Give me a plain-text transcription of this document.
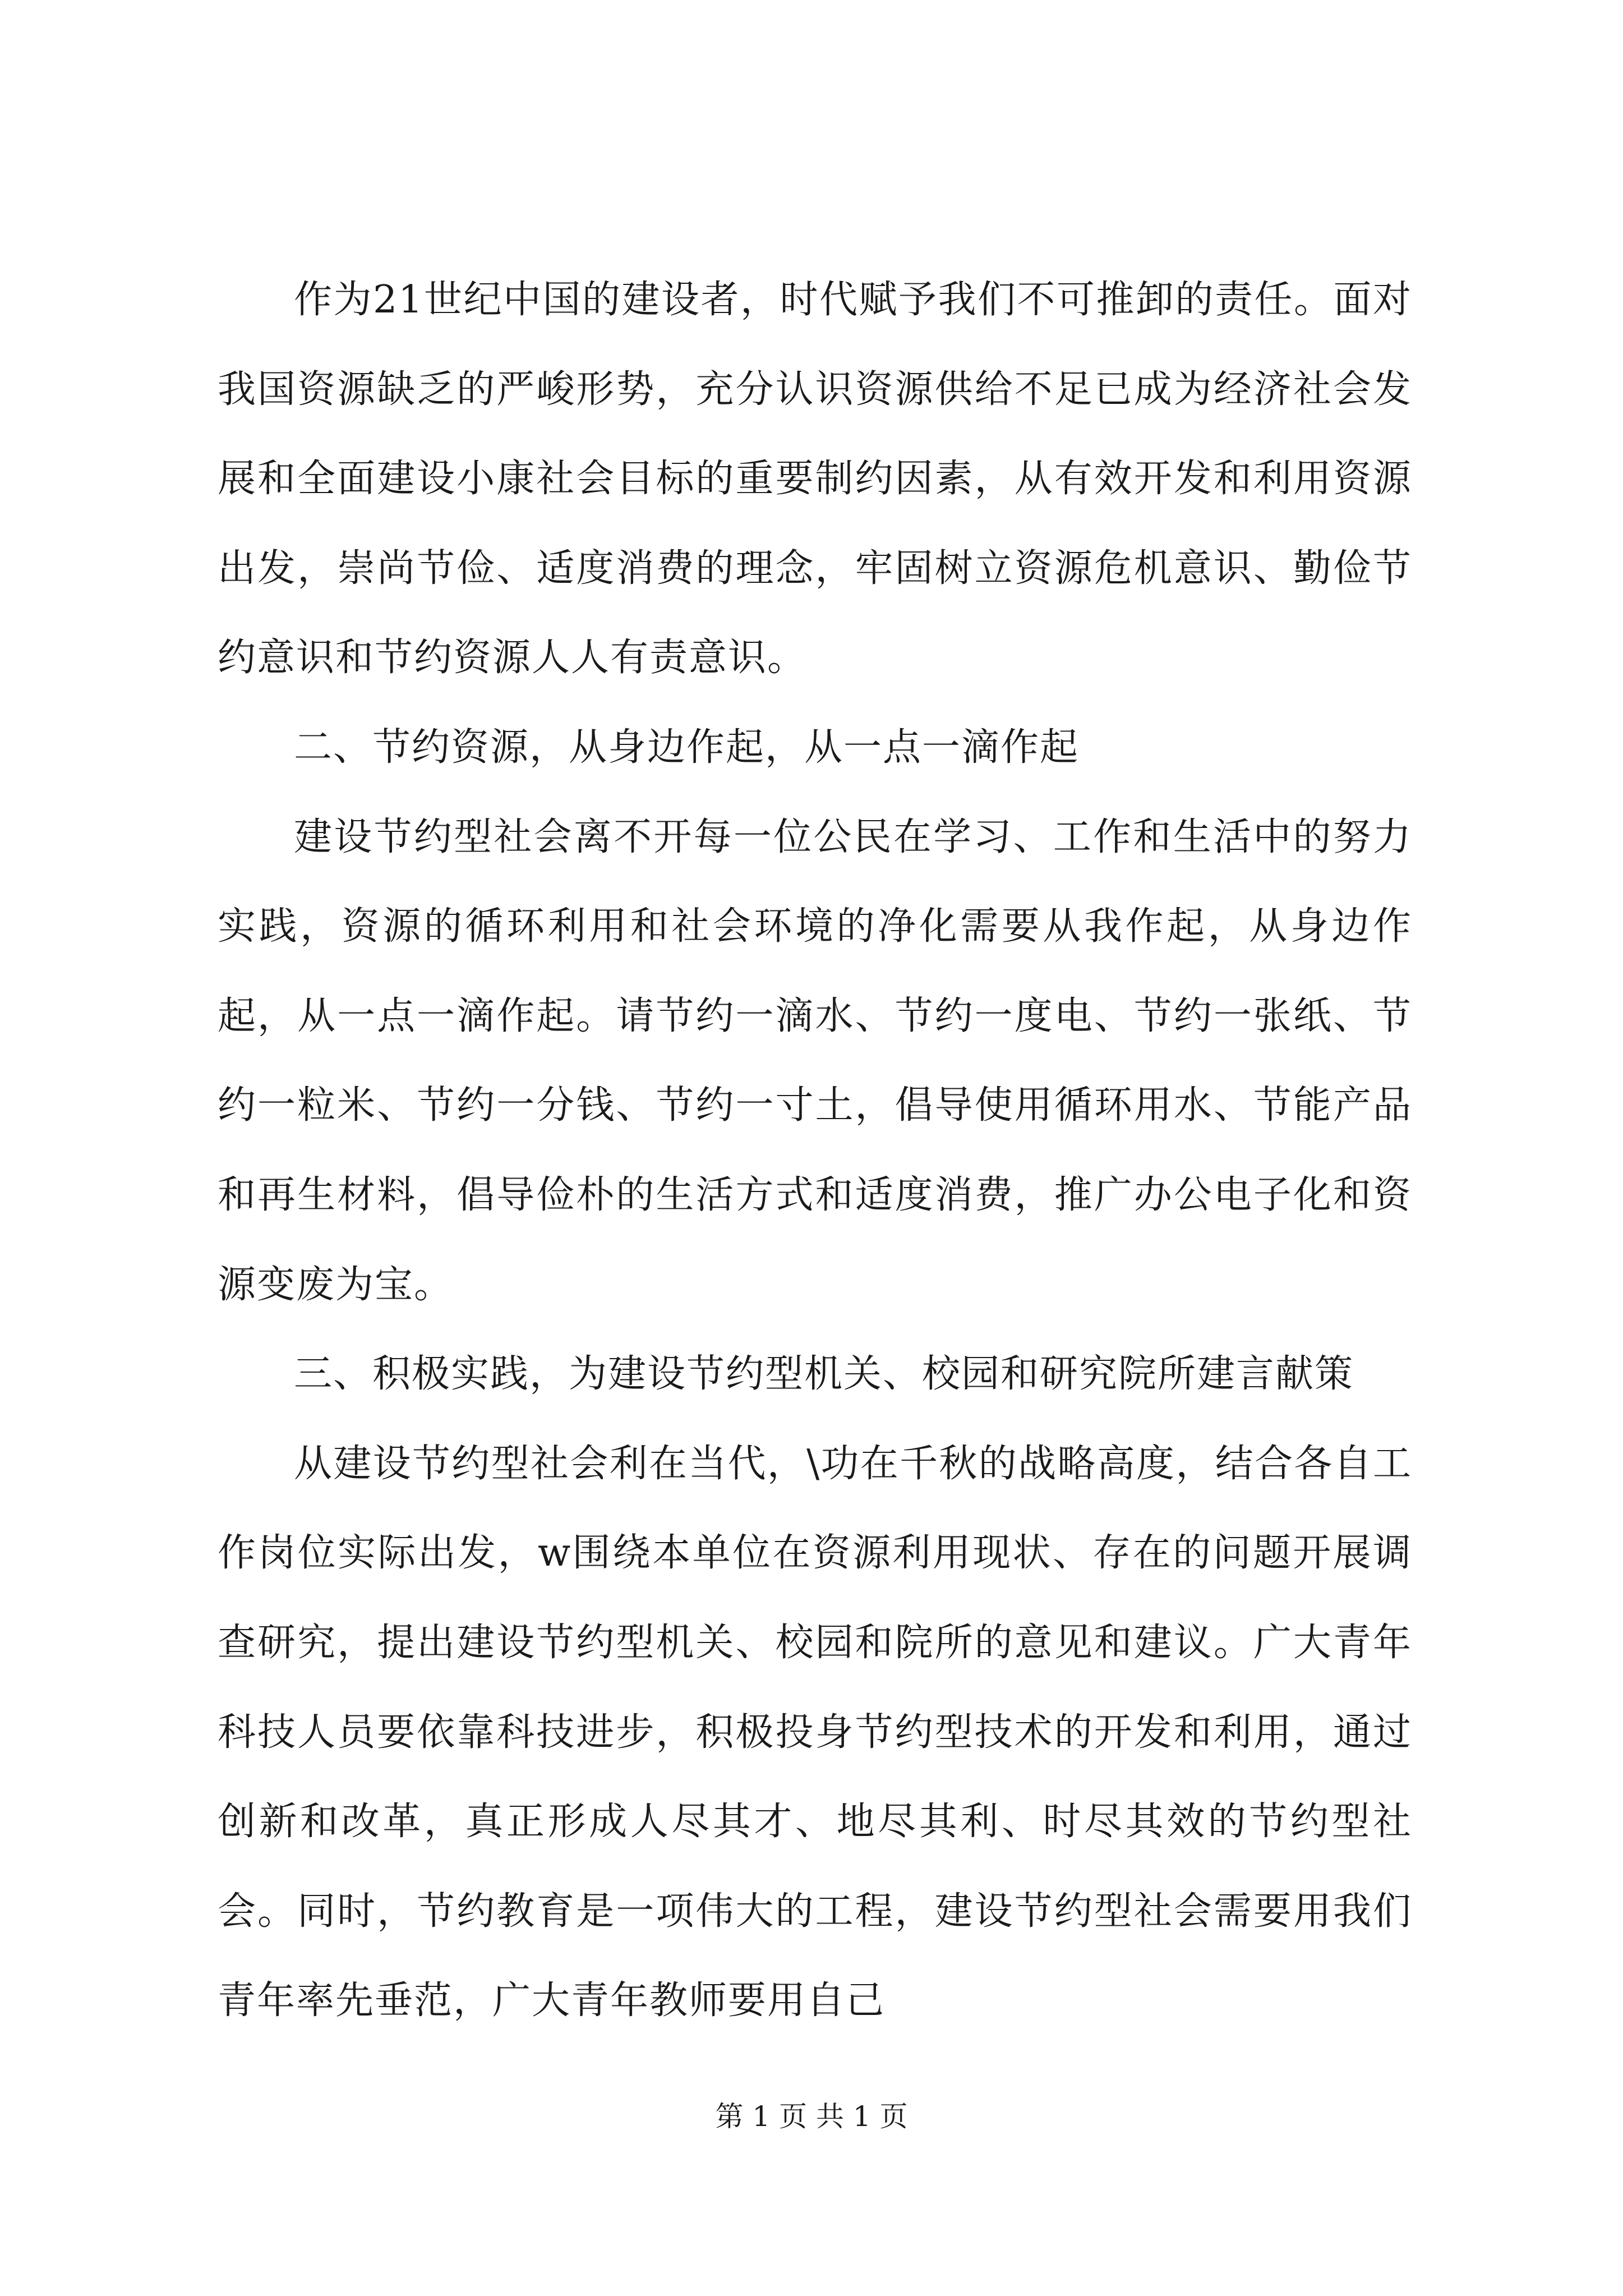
作为21世纪中国的建设者，时代赋予我们不可推卸的责任。面对我国资源缺乏的严峻形势，充分认识资源供给不足已成为经济社会发展和全面建设小康社会目标的重要制约因素，从有效开发和利用资源出发，崇尚节俭、适度消费的理念，牢固树立资源危机意识、勤俭节约意识和节约资源人人有责意识。

二、节约资源，从身边作起，从一点一滴作起

建设节约型社会离不开每一位公民在学习、工作和生活中的努力实践，资源的循环利用和社会环境的净化需要从我作起，从身边作起，从一点一滴作起。请节约一滴水、节约一度电、节约一张纸、节约一粒米、节约一分钱、节约一寸土，倡导使用循环用水、节能产品和再生材料，倡导俭朴的生活方式和适度消费，推广办公电子化和资源变废为宝。

三、积极实践，为建设节约型机关、校园和研究院所建言献策

从建设节约型社会利在当代，\功在千秋的战略高度，结合各自工作岗位实际出发，w围绕本单位在资源利用现状、存在的问题开展调查研究，提出建设节约型机关、校园和院所的意见和建议。广大青年科技人员要依靠科技进步，积极投身节约型技术的开发和利用，通过创新和改革，真正形成人尽其才、地尽其利、时尽其效的节约型社会。同时，节约教育是一项伟大的工程，建设节约型社会需要用我们青年率先垂范，广大青年教师要用自己

第 1 页 共 1 页
